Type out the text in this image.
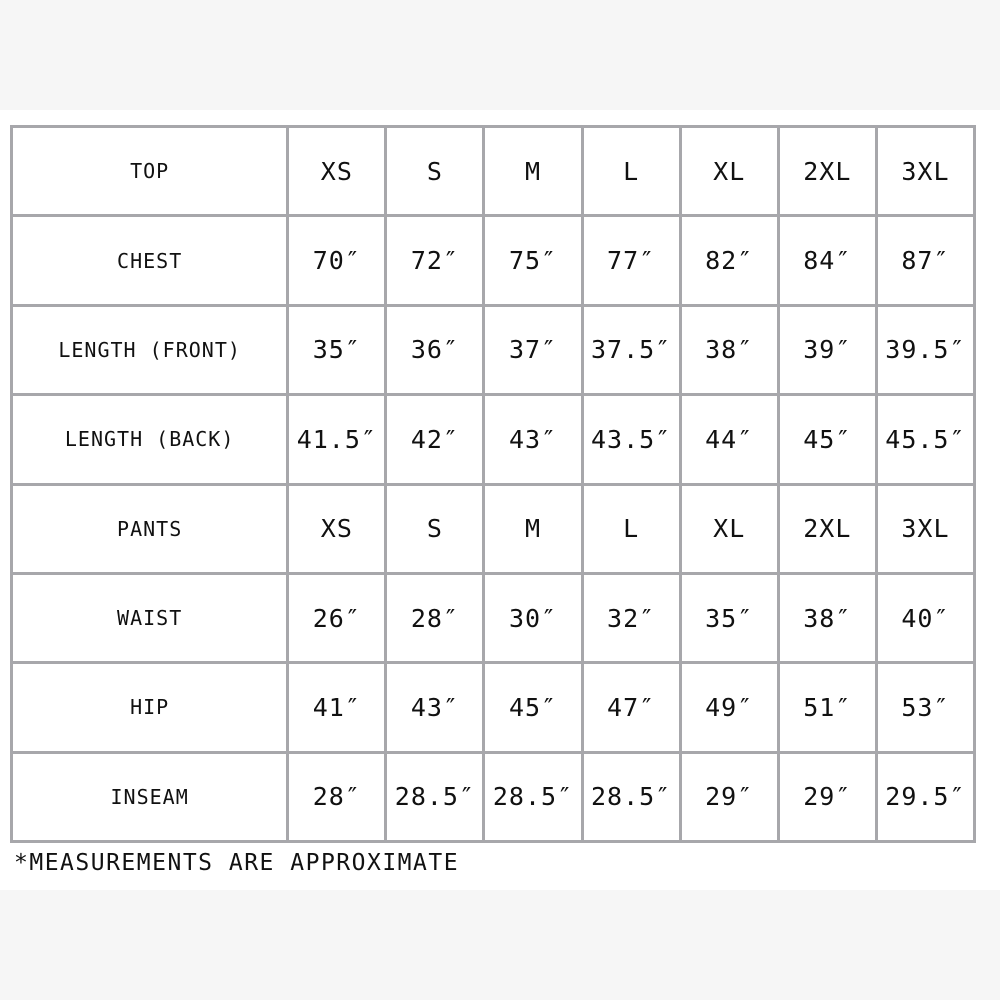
TOP	XS	S	M	L	XL	2XL	3XL
CHEST	70″	72″	75″	77″	82″	84″	87″
LENGTH (FRONT)	35″	36″	37″	37.5″	38″	39″	39.5″
LENGTH (BACK)	41.5″	42″	43″	43.5″	44″	45″	45.5″
PANTS	XS	S	M	L	XL	2XL	3XL
WAIST	26″	28″	30″	32″	35″	38″	40″
HIP	41″	43″	45″	47″	49″	51″	53″
INSEAM	28″	28.5″	28.5″	28.5″	29″	29″	29.5″
*MEASUREMENTS ARE APPROXIMATE
